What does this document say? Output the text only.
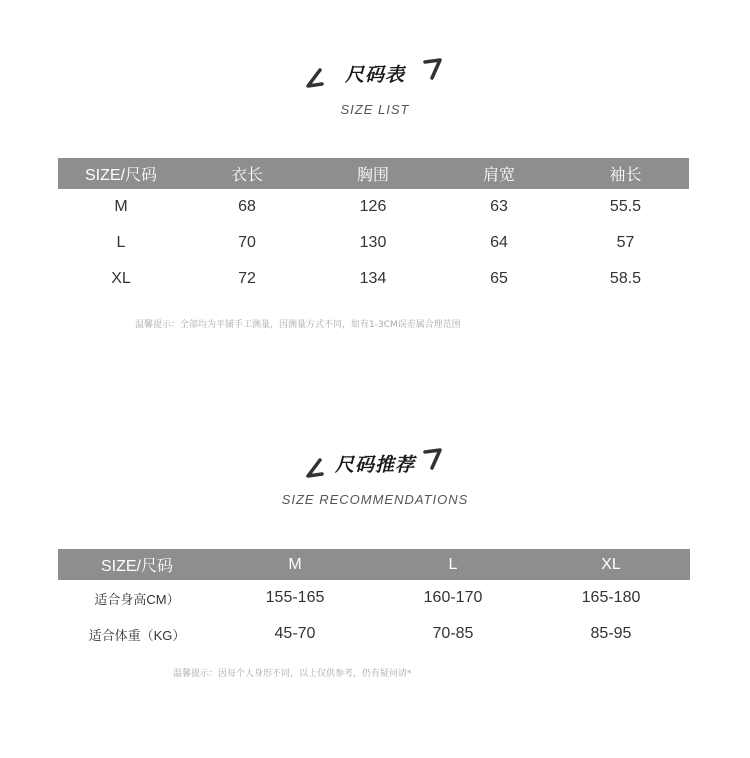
尺码表
SIZE LIST
SIZE/尺码	衣长	胸围	肩宽	袖长
M	68	126	63	55.5
L	70	130	64	57
XL	72	134	65	58.5
温馨提示：全部均为平铺手工测量，因测量方式不同，如有1-3CM误差属合理范围
尺码推荐
SIZE RECOMMENDATIONS
SIZE/尺码	M	L	XL
适合身高CM）	155-165	160-170	165-180
适合体重（KG）	45-70	70-85	85-95
温馨提示：因每个人身形不同，以上仅供参考，仍有疑问请*
